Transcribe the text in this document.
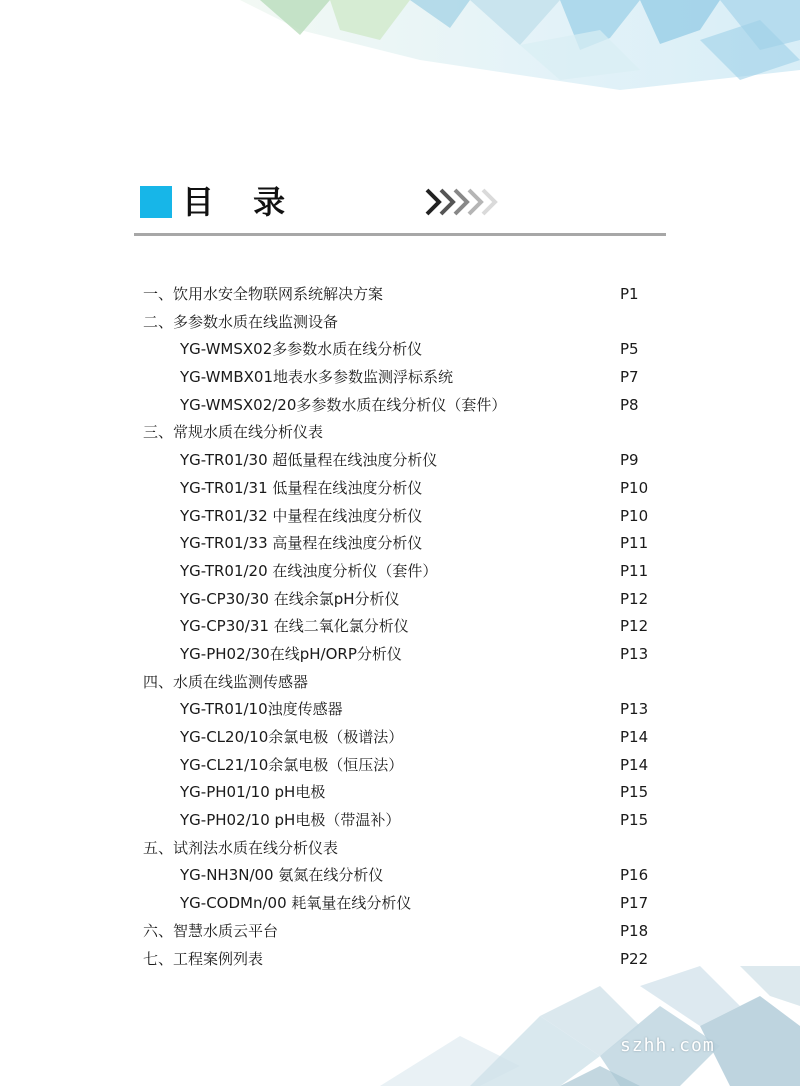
目 录
一、饮用水安全物联网系统解决方案	P1
二、多参数水质在线监测设备
YG-WMSX02多参数水质在线分析仪	P5
YG-WMBX01地表水多参数监测浮标系统	P7
YG-WMSX02/20多参数水质在线分析仪（套件）	P8
三、常规水质在线分析仪表
YG-TR01/30 超低量程在线浊度分析仪	P9
YG-TR01/31 低量程在线浊度分析仪	P10
YG-TR01/32 中量程在线浊度分析仪	P10
YG-TR01/33 高量程在线浊度分析仪	P11
YG-TR01/20 在线浊度分析仪（套件）	P11
YG-CP30/30 在线余氯pH分析仪	P12
YG-CP30/31 在线二氧化氯分析仪	P12
YG-PH02/30在线pH/ORP分析仪	P13
四、水质在线监测传感器
YG-TR01/10浊度传感器	P13
YG-CL20/10余氯电极（极谱法）	P14
YG-CL21/10余氯电极（恒压法）	P14
YG-PH01/10 pH电极	P15
YG-PH02/10 pH电极（带温补）	P15
五、试剂法水质在线分析仪表
YG-NH3N/00 氨氮在线分析仪	P16
YG-CODMn/00 耗氧量在线分析仪	P17
六、智慧水质云平台	P18
七、工程案例列表	P22
szhh.com
